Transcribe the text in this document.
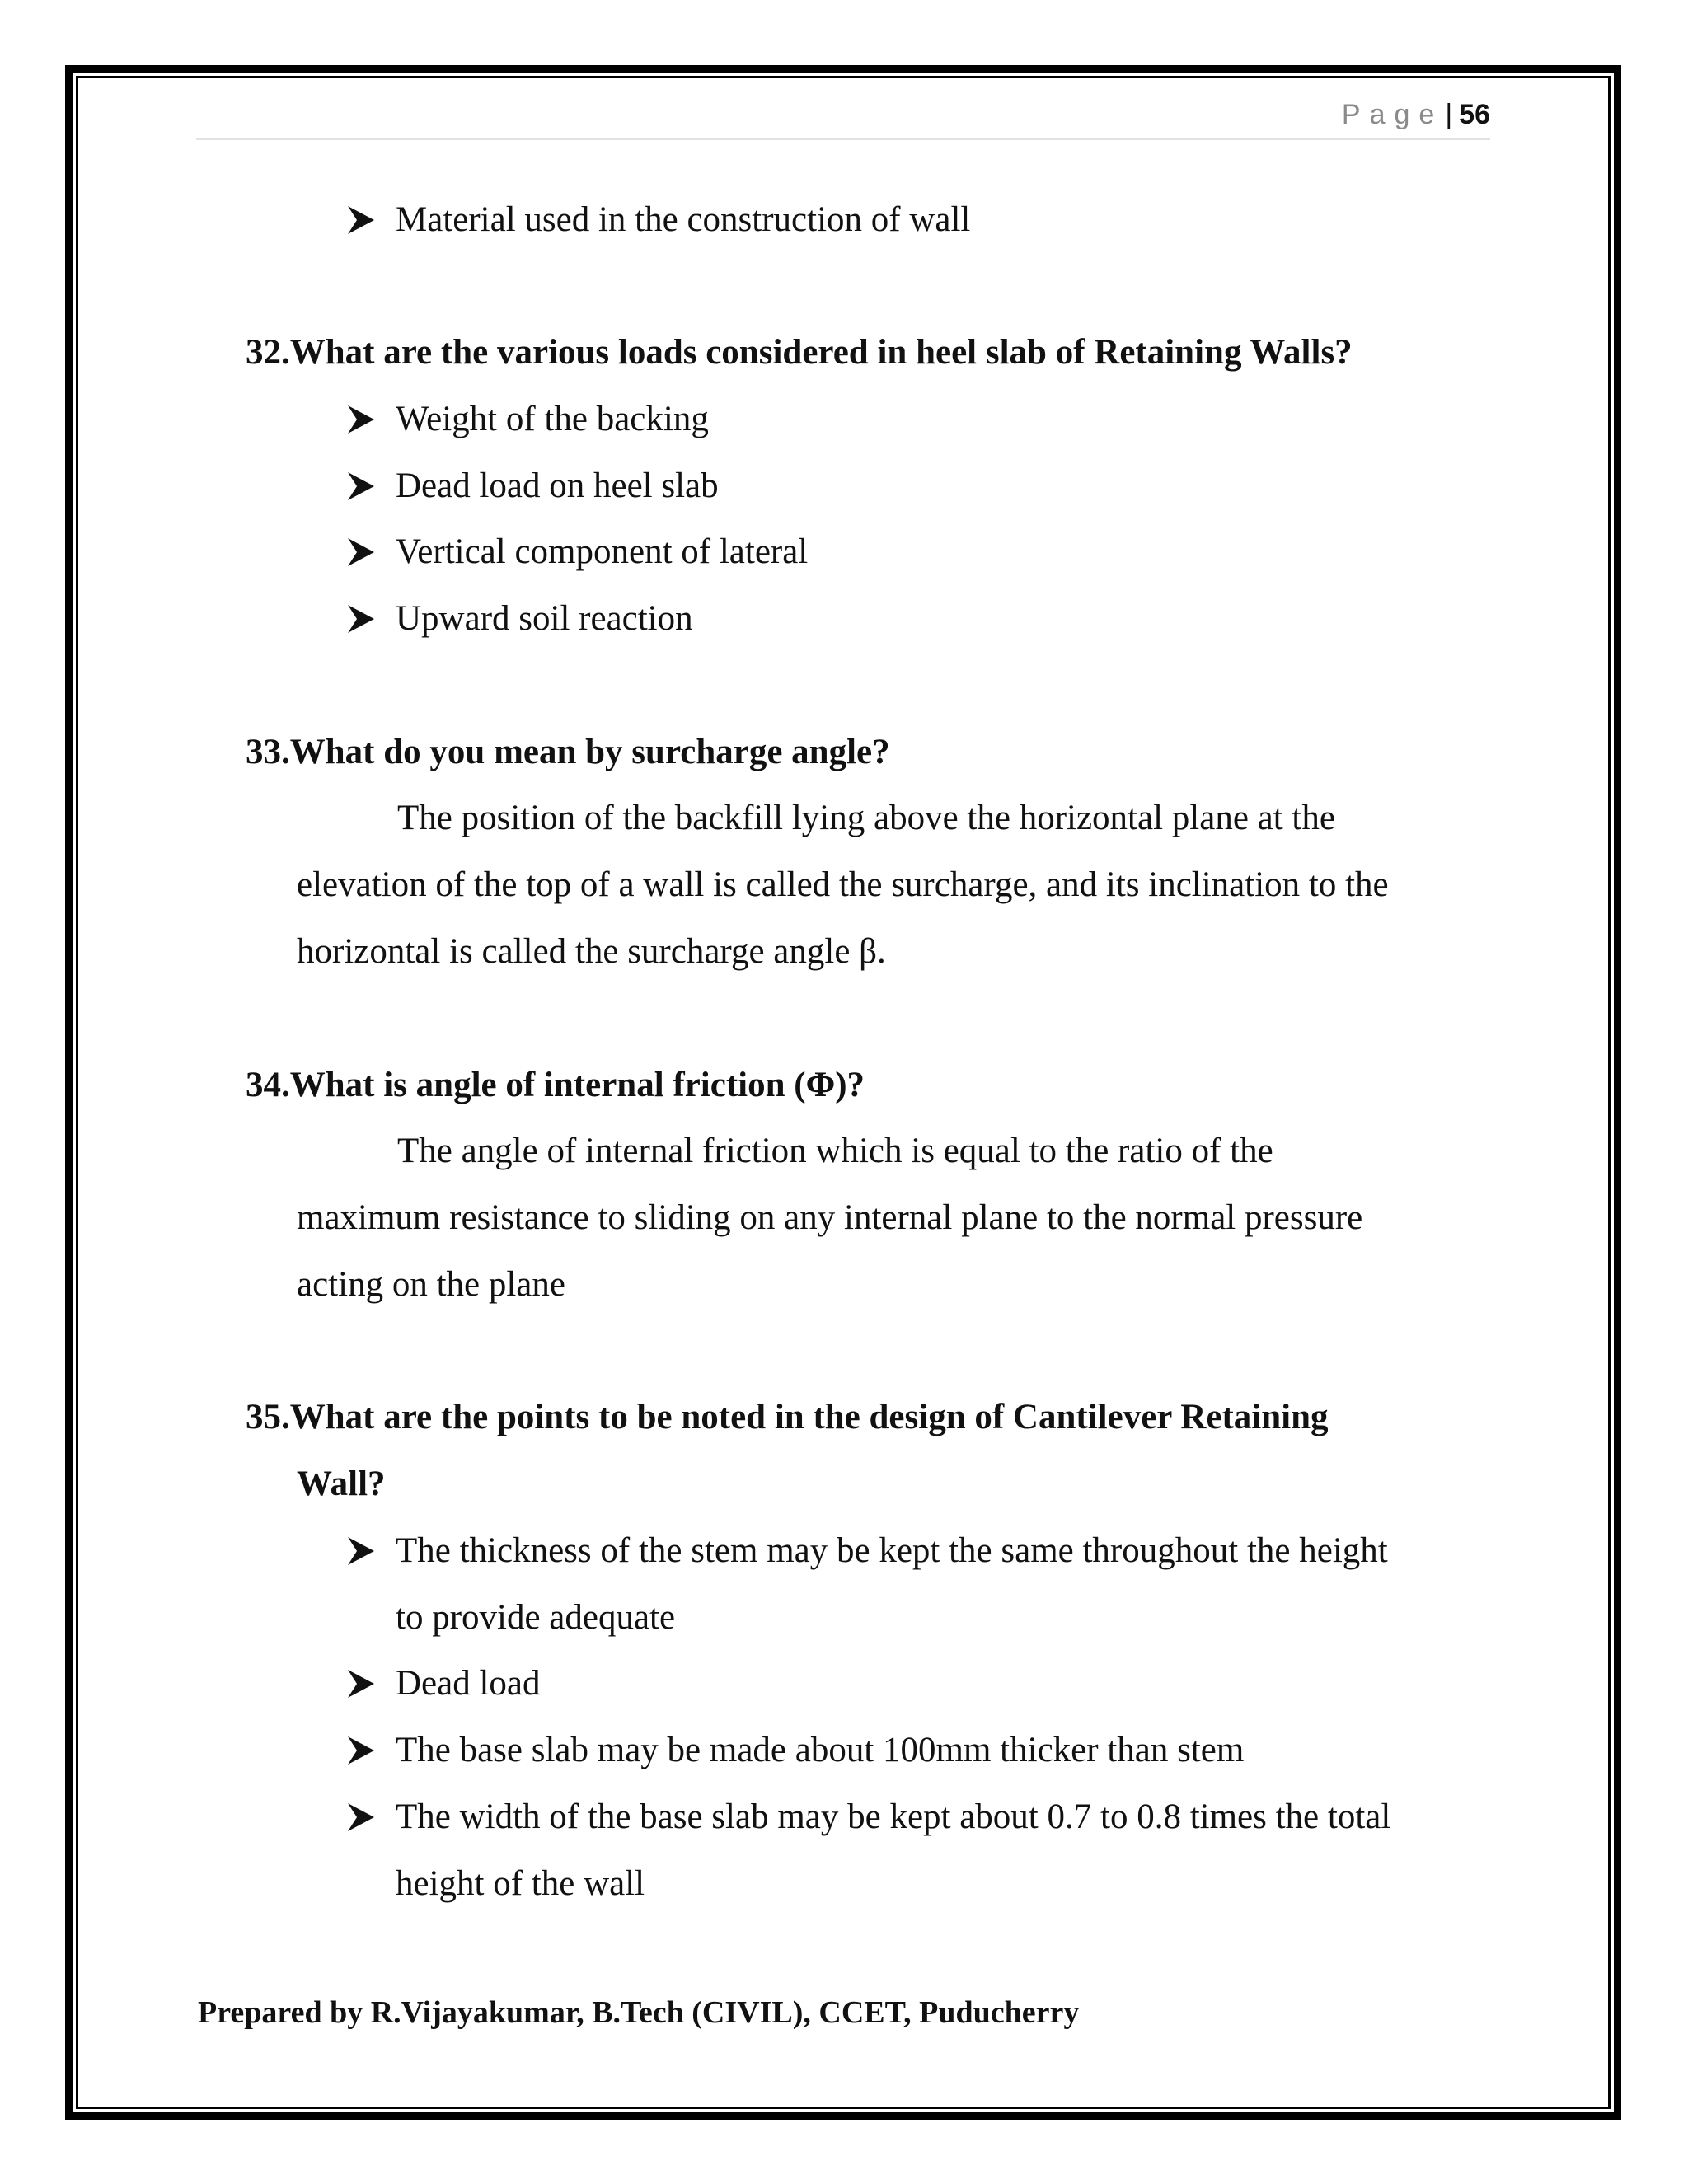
Page| 56
Material used in the construction of wall
32.What are the various loads considered in heel slab of Retaining Walls?
Weight of the backing
Dead load on heel slab
Vertical component of lateral
Upward soil reaction
33.What do you mean by surcharge angle?
The position of the backfill lying above the horizontal plane at the
elevation of the top of a wall is called the surcharge, and its inclination to the
horizontal is called the surcharge angle β.
34.What is angle of internal friction (Φ)?
The angle of internal friction which is equal to the ratio of the
maximum resistance to sliding on any internal plane to the normal pressure
acting on the plane
35.What are the points to be noted in the design of Cantilever Retaining
Wall?
The thickness of the stem may be kept the same throughout the height
to provide adequate
Dead load
The base slab may be made about 100mm thicker than stem
The width of the base slab may be kept about 0.7 to 0.8 times the total
height of the wall
Prepared by R.Vijayakumar, B.Tech (CIVIL), CCET, Puducherry
